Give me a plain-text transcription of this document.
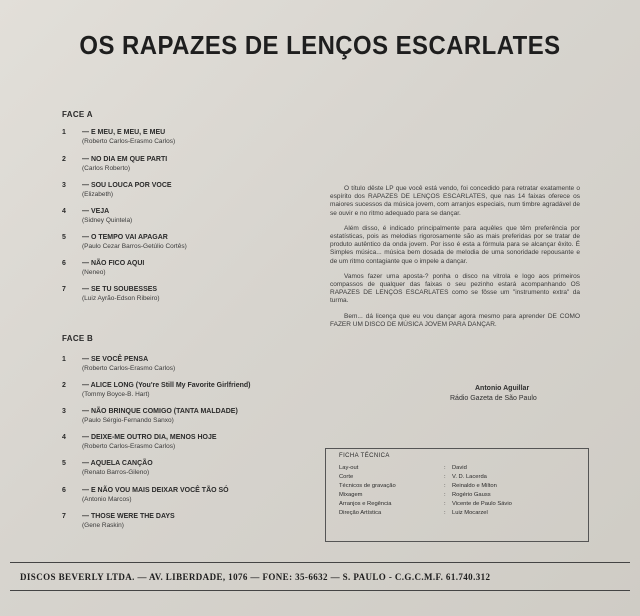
OS RAPAZES DE LENÇOS ESCARLATES
FACE A
1 — E MEU, E MEU, E MEU
(Roberto Carlos-Erasmo Carlos)
2 — NO DIA EM QUE PARTI
(Carlos Roberto)
3 — SOU LOUCA POR VOCE
(Elizabeth)
4 — VEJA
(Sidney Quintela)
5 — O TEMPO VAI APAGAR
(Paulo Cezar Barros-Getúlio Cortês)
6 — NÃO FICO AQUI
(Neneo)
7 — SE TU SOUBESSES
(Luiz Ayrão-Edson Ribeiro)
FACE B
1 — SE VOCÊ PENSA
(Roberto Carlos-Erasmo Carlos)
2 — ALICE LONG (You're Still My Favorite Girlfriend)
(Tommy Boyce-B. Hart)
3 — NÃO BRINQUE COMIGO (TANTA MALDADE)
(Paulo Sérgio-Fernando Sanxo)
4 — DEIXE-ME OUTRO DIA, MENOS HOJE
(Roberto Carlos-Erasmo Carlos)
5 — AQUELA CANÇÃO
(Renato Barros-Gileno)
6 — E NÃO VOU MAIS DEIXAR VOCÊ TÃO SÓ
(Antonio Marcos)
7 — THOSE WERE THE DAYS
(Gene Raskin)

O título dêste LP que você está vendo, foi concedido para retratar exatamente o espírito dos RAPAZES DE LENÇOS ESCARLATES, que nas 14 faixas oferece os maiores sucessos da música jovem, com arranjos especiais, num timbre agradável de se ouvir e no ritmo adequado para se dançar.

Além disso, é indicado principalmente para aquêles que têm preferência por estatísticas, pois as melodias rigorosamente são as mais preferidas por se tratar de produto autêntico da onda jovem. Por isso é esta a fórmula para se alcançar êxito. É Simples música... música bem dosada de melodia de uma sonoridade repousante e de um ritmo contagiante que o impele a dançar.

Vamos fazer uma aposta-? ponha o disco na vitrola e logo aos primeiros compassos de qualquer das faixas o seu pezinho estará acompanhando OS RAPAZES DE LENÇOS ESCARLATES como se fôsse um "instrumento extra" da turma.

Bem... dá licença que eu vou dançar agora mesmo para aprender DE COMO FAZER UM DISCO DE MÚSICA JOVEM PARA DANÇAR.

Antonio Aguillar
Rádio Gazeta de São Paulo
FICHA TÉCNICA
Lay-out	: David
Corte	: V. D. Lacerda
Técnicos de gravação	: Reinaldo e Milton
Mixagem	: Rogério Gauss
Arranjos e Regência	: Vicente de Paulo Sávio
Direção Artística	: Luiz Mocarzel
DISCOS BEVERLY LTDA. — AV. LIBERDADE, 1076 — FONE: 35-6632 — S. PAULO - C.G.C.M.F. 61.740.312
